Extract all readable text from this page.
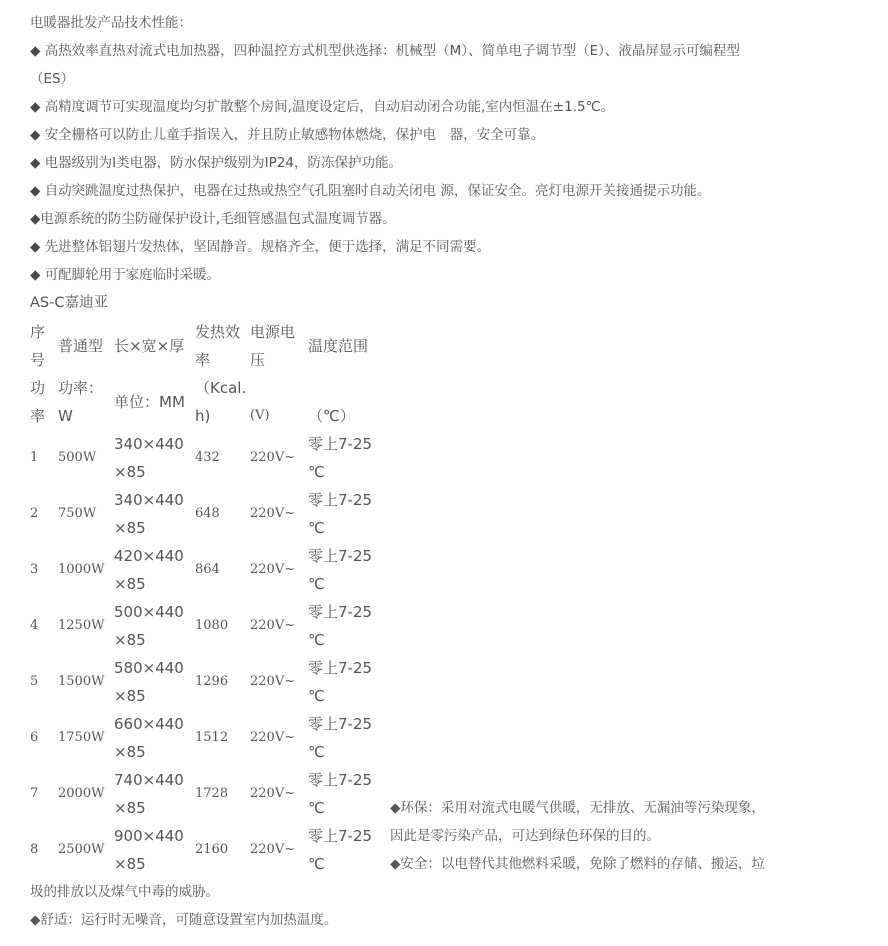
电暖器批发产品技术性能：
◆ 高热效率直热对流式电加热器，四种温控方式机型供选择：机械型（M）、简单电子调节型（E）、液晶屏显示可编程型
（ES）
◆ 高精度调节可实现温度均匀扩散整个房间,温度设定后，自动启动闭合功能,室内恒温在±1.5℃。
◆ 安全栅格可以防止儿童手指误入，并且防止敏感物体燃烧，保护电　器，安全可靠。
◆ 电器级别为Ⅰ类电器，防水保护级别为IP24，防冻保护功能。
◆ 自动突跳温度过热保护，电器在过热或热空气孔阻塞时自动关闭电 源，保证安全。亮灯电源开关接通提示功能。
◆电源系统的防尘防碰保护设计,毛细管感温包式温度调节器。
◆ 先进整体铝翅片发热体，坚固静音。规格齐全，便于选择，满足不同需要。
◆ 可配脚轮用于家庭临时采暖。
AS-C嘉迪亚
序
号
普通型 长×宽×厚
发热效
率
电源电
压
温度范围
功
率
功率：W
单位：MM
（Kcal.
h)	(V)	（℃）
1 500W
340×440
×85
432 220V~
零上7-25
℃
2 750W
340×440
×85
648 220V~
零上7-25
℃
3 1000W
420×440
×85
864 220V~
零上7-25
℃
4 1250W
500×440
×85
1080 220V~
零上7-25
℃
5 1500W
580×440
×85
1296 220V~
零上7-25
℃
6 1750W
660×440
×85
1512 220V~
零上7-25
℃
7 2000W
740×440
×85
1728 220V~
零上7-25
℃
8 2500W
900×440
×85
2160 220V~
零上7-25
℃
◆环保：采用对流式电暖气供暖，无排放、无漏油等污染现象，
因此是零污染产品，可达到绿色环保的目的。
◆安全：以电替代其他燃料采暖，免除了燃料的存储、搬运，垃
圾的排放以及煤气中毒的威胁。
◆舒适：运行时无噪音，可随意设置室内加热温度。
